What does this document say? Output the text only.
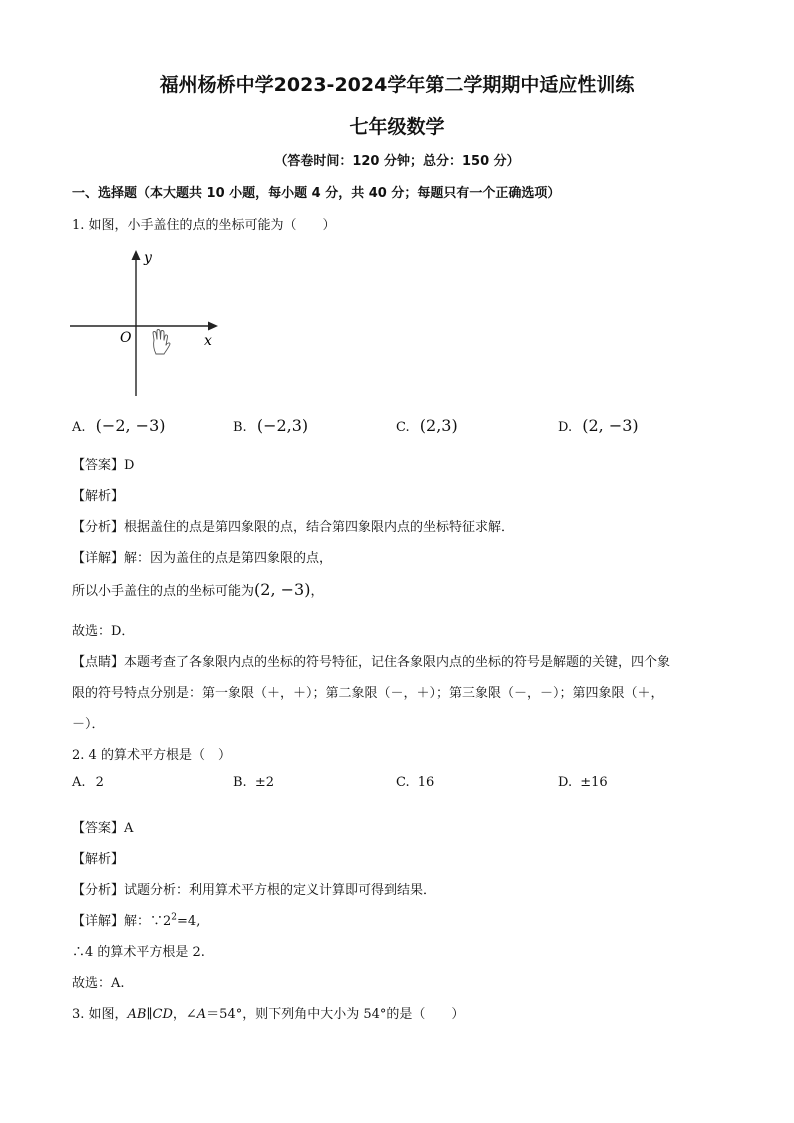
福州杨桥中学2023-2024学年第二学期期中适应性训练
七年级数学
（答卷时间：120 分钟；总分：150 分）
一、选择题（本大题共 10 小题，每小题 4 分，共 40 分；每题只有一个正确选项）
1. 如图，小手盖住的点的坐标可能为（　　）
y
x
O
A. (−2, −3)	B. (−2,3)	C. (2,3)	D. (2, −3)
【答案】D
【解析】
【分析】根据盖住的点是第四象限的点，结合第四象限内点的坐标特征求解．
【详解】解：因为盖住的点是第四象限的点，
所以小手盖住的点的坐标可能为(2, −3)，
故选：D．
【点睛】本题考查了各象限内点的坐标的符号特征，记住各象限内点的坐标的符号是解题的关键，四个象
限的符号特点分别是：第一象限（＋，＋）；第二象限（－，＋）；第三象限（－，－）；第四象限（＋，
－）．
2. 4 的算术平方根是（　）
A. 2	B. ±2	C. 16	D. ±16
【答案】A
【解析】
【分析】试题分析：利用算术平方根的定义计算即可得到结果．
【详解】解：$\because 2^2=4$,
∴4 的算术平方根是 2.
故选：A.
3. 如图，AB∥CD，∠A＝54°，则下列角中大小为 54°的是（　　）
